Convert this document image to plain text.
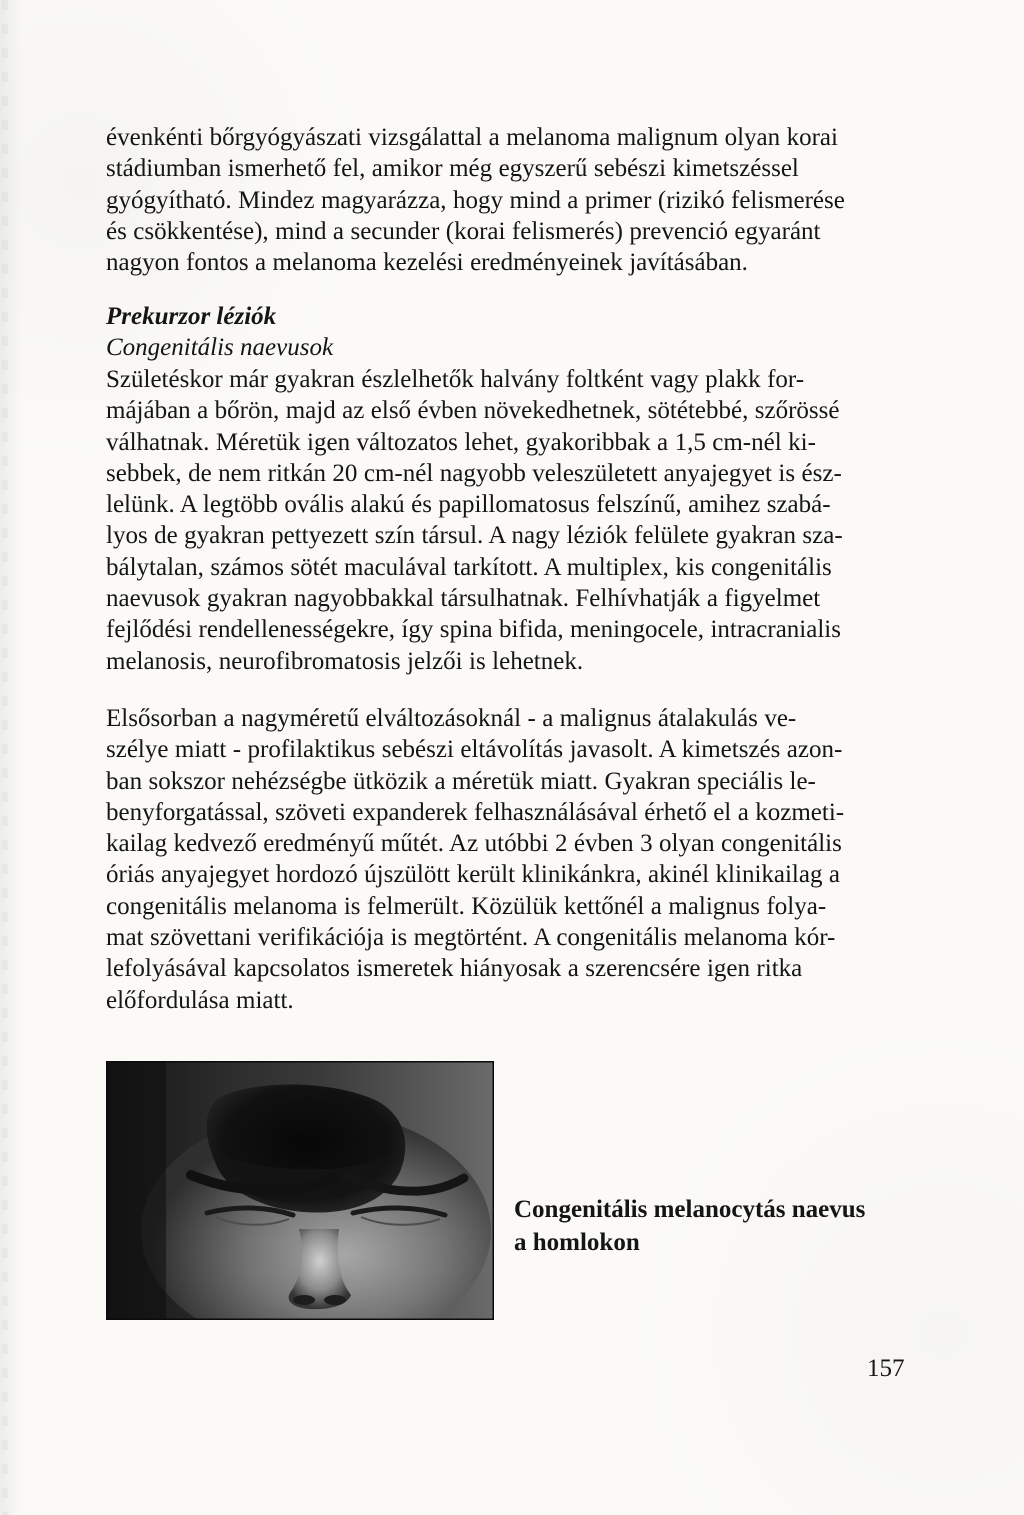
évenkénti bőrgyógyászati vizsgálattal a melanoma malignum olyan korai

stádiumban ismerhető fel, amikor még egyszerű sebészi kimetszéssel

gyógyítható. Mindez magyarázza, hogy mind a primer (rizikó felismerése

és csökkentése), mind a secunder (korai felismerés) prevenció egyaránt

nagyon fontos a melanoma kezelési eredményeinek javításában.

Prekurzor léziók
Congenitális naevusok

Születéskor már gyakran észlelhetők halvány foltként vagy plakk for-

májában a bőrön, majd az első évben növekedhetnek, sötétebbé, szőrössé

válhatnak. Méretük igen változatos lehet, gyakoribbak a 1,5 cm-nél ki-

sebbek, de nem ritkán 20 cm-nél nagyobb veleszületett anyajegyet is ész-

lelünk. A legtöbb ovális alakú és papillomatosus felszínű, amihez szabá-

lyos de gyakran pettyezett szín társul. A nagy léziók felülete gyakran sza-

bálytalan, számos sötét maculával tarkított. A multiplex, kis congenitális

naevusok gyakran nagyobbakkal társulhatnak. Felhívhatják a figyelmet

fejlődési rendellenességekre, így spina bifida, meningocele, intracranialis

melanosis, neurofibromatosis jelzői is lehetnek.

Elsősorban a nagyméretű elváltozásoknál - a malignus átalakulás ve-

szélye miatt - profilaktikus sebészi eltávolítás javasolt. A kimetszés azon-

ban sokszor nehézségbe ütközik a méretük miatt. Gyakran speciális le-

benyforgatással, szöveti expanderek felhasználásával érhető el a kozmeti-

kailag kedvező eredményű műtét. Az utóbbi 2 évben 3 olyan congenitális

óriás anyajegyet hordozó újszülött került klinikánkra, akinél klinikailag a

congenitális melanoma is felmerült. Közülük kettőnél a malignus folya-

mat szövettani verifikációja is megtörtént. A congenitális melanoma kór-

lefolyásával kapcsolatos ismeretek hiányosak a szerencsére igen ritka

előfordulása miatt.

Congenitális melanocytás naevus
a homlokon
157
